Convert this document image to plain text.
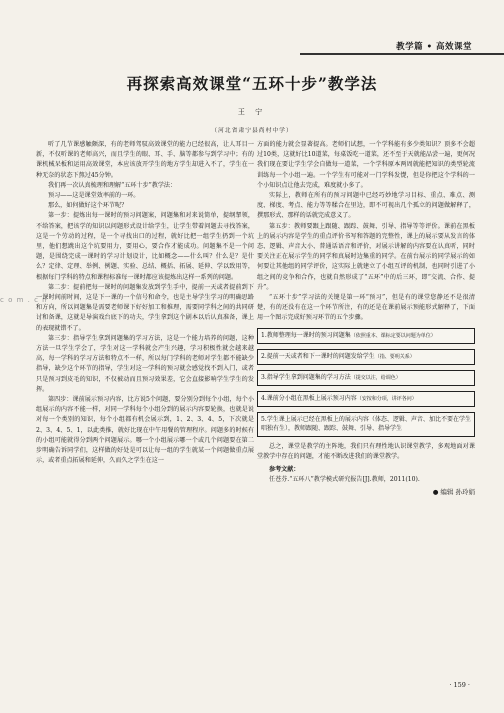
教学篇 • 高效课堂
再探索高效课堂“五环十步”教学法
王 宁
（河北省肃宁县尚村中学）
c o m . c n

听了几节课感触颇深，有的老师驾驭高效课堂的能力已经很高，让人耳目一新，不仅听课的老师高兴，而且学生的眼、耳、手、脑等都参与到学习中；有的课机械呆板和运用高效课堂，本应该放开学生的地方学生却进入不了，学生在一种无奈的状态下熬过45分钟。

我们再一次认真梳理和理解“五环十步”教学法：

预习——这是课堂效率前的一环。

那么，如何做好这个环节呢？

第一步：提炼出每一课时的预习问题案，问题集和对来说简单，提纲挈领，不给答案，把该学的知识以问题形式设计给学生，让学生带着问题去寻找答案，这是一个劳动的过程，是一个寻找出口的过程，就好比把一组学生扔到一个坑里，他们想跳出这个坑要用力，要用心，要合作才能成功。问题集不是一个问题，是围绕完成一课时的学习计划设计，比如概念——什么叫？什么是？是什么？定律、定理、举例、例题、实验、总结、概括、拓展、延伸、学以致用等，根据每门学科的特点和课程标准每一课时都应该提炼出这样一系列的问题。

第二步：提前把每一课时的问题集发放到学生手中，提前一天或者提前到下一课时间前时间，这是下一课的一个信号和命令，也是主导学生学习的明确思路和方向，所以问题集是需要老师课下好好加工和推理，需要同学科之间的共同研讨和备课，这就是导演戏台底下的功夫，学生拿到这个剧本以后认真准备，课上的表现就错不了。

第三步：指导学生拿到问题集的学习方法，这是一个能力培养的问题，这种方法一旦学生学会了，学生对这一学科就会产生兴趣，学习积极性就会越来越高，每一学科的学习方法和特点不一样，所以每门学科的老师对学生都不能缺少指导，缺少这个环节的指导，学生对这一学科的预习就会感觉找不到入门，或者只是预习到皮毛的知识，不仅被动而且预习效果差，它会直接影响学生学生的发挥。

第四步：课前展示预习内容，比方说5个问题，要分别分到每个小组，每个小组展示的内容不能一样，对同一学科每个小组分到的展示内容要轮换，也就是说对每一个类别的知识，每个小组都有机会展示到，1、2、3、4、5，下次就是2、3、4、5、1，以此类推，就好比现在中午用餐的管理程序。问题多的时候有的小组可能就得分到两个问题展示。哪一个小组展示哪一个或几个问题要在第二步明确告诉同学们，这样做的好处是可以让每一组的学生就某一个问题做重点展示，或者重点拓展和延伸，久而久之学生在这一

方面的能力就会显著提高。老师们试想，一个学科能有多少类知识？顶多不会超过10类，这就好比10道菜，每桌饭吃一道菜，还不至于天就能品尝一遍，更何况我们现在要让学生学会自做每一道菜，一个学科原本两周就能把知识的类型轮流训练每一个小组一遍。一个学生有可能对一门学科发憷，但是你把这个学科的一个小知识点让他去完成，难度就小多了。

实际上，教师在所有的预习问题中已经巧妙地学习目标、重点、难点、测度、梯度、考点、能力等等糅合在里边，即不可视出几个孤立的问题做解释了，撰那形式、那样的话就完成意义了。

第五步：教师要跟上跟随、跟踪、鼓舞、引导、指导等等评价。课前在黑板上的展示内容是学生的重点评价书写和答题的完整性，课上的展示要从发言的体态、逻辑、声音大小、普通话语音和评价，对展示讲解的内容要在认真听，同时要关注正在展示学生的同学和真展时边集重的同学。在前台展示的同学展示的如何要让其他组的同学评价，这实际上就建立了小组互评的机制，也同时引进了小组之间的竞争和合作，也就自然形成了“五环”中的后三环，即“交流、合作、提升”。

“五环十步”学习法的关键是第一环“预习”，但是有的课堂您静还不是很清楚，有的还没有在这一个环节所注，有的还是在课前展示预能形式解释了，下面用一个图示完成好预习环节的五个步骤。

1.教师整理每一课时的预习问题集（依照重本、课标定要以问题为单位）
2.提前一天或者和下一课时的问题发给学生（指、要明关系）
3.指导学生拿到问题集的学习方法（提交以注，给调色）
4.课前分小组在黑板上展示预习内容（安按和分项，讲评各问）
5.学生课上展示已经在黑板上的展示内容（体态、逻辑、声音、加比不要在学生唱独有生），教师跟随、跟踪、鼓舞、引导、指导学生

总之，课堂是教学的主阵地，我们只有理性地认识课堂教学，多观地面对课堂教学中存在的问题，才能不断改进我们的课堂教学。

参考文献：

任苍芬.“五环八”教学模式研究报告[J].教师，2011(10).

● 编辑 孙玲娟
· 159 ·
